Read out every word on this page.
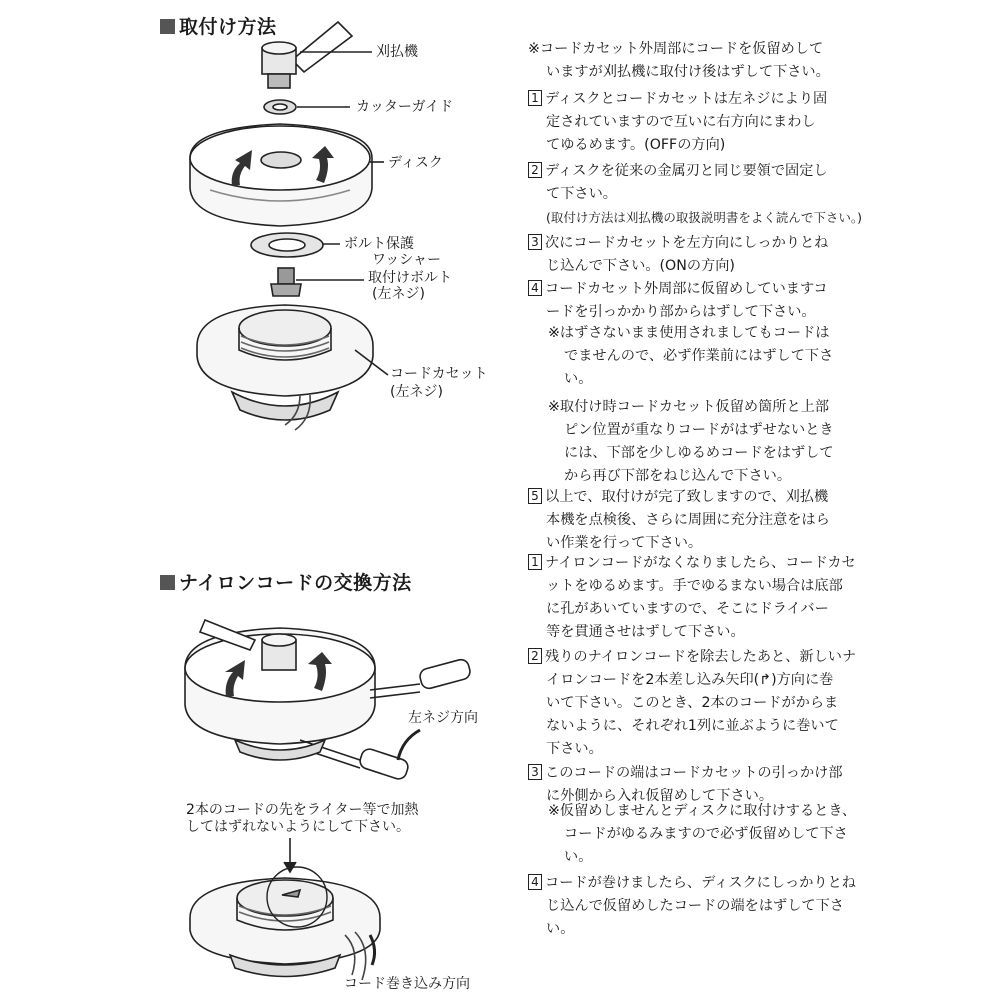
取付け方法
ナイロンコードの交換方法
刈払機
カッターガイド
ディスク
ボルト保護
ワッシャー
取付けボルト
(左ネジ)
コードカセット
(左ネジ)
左ネジ方向
2本のコードの先をライター等で加熱
してはずれないようにして下さい。
コード巻き込み方向
※コードカセット外周部にコードを仮留めして
いますが刈払機に取付け後はずして下さい。
1 ディスクとコードカセットは左ネジにより固
定されていますので互いに右方向にまわし
てゆるめます。(OFFの方向)
2 ディスクを従来の金属刃と同じ要領で固定し
て下さい。
(取付け方法は刈払機の取扱説明書をよく読んで下さい。)
3 次にコードカセットを左方向にしっかりとね
じ込んで下さい。(ONの方向)
4 コードカセット外周部に仮留めしていますコ
ードを引っかかり部からはずして下さい。
※はずさないまま使用されましてもコードは
でませんので、必ず作業前にはずして下さ
い。
※取付け時コードカセット仮留め箇所と上部
ピン位置が重なりコードがはずせないとき
には、下部を少しゆるめコードをはずして
から再び下部をねじ込んで下さい。
5 以上で、取付けが完了致しますので、刈払機
本機を点検後、さらに周囲に充分注意をはら
い作業を行って下さい。
1 ナイロンコードがなくなりましたら、コードカセ
ットをゆるめます。手でゆるまない場合は底部
に孔があいていますので、そこにドライバー
等を貫通させはずして下さい。
2 残りのナイロンコードを除去したあと、新しいナ
イロンコードを2本差し込み矢印(↱)方向に巻
いて下さい。このとき、2本のコードがからま
ないように、それぞれ1列に並ぶように巻いて
下さい。
3 このコードの端はコードカセットの引っかけ部
に外側から入れ仮留めして下さい。
※仮留めしませんとディスクに取付けするとき、
コードがゆるみますので必ず仮留めして下さ
い。
4 コードが巻けましたら、ディスクにしっかりとね
じ込んで仮留めしたコードの端をはずして下さ
い。
